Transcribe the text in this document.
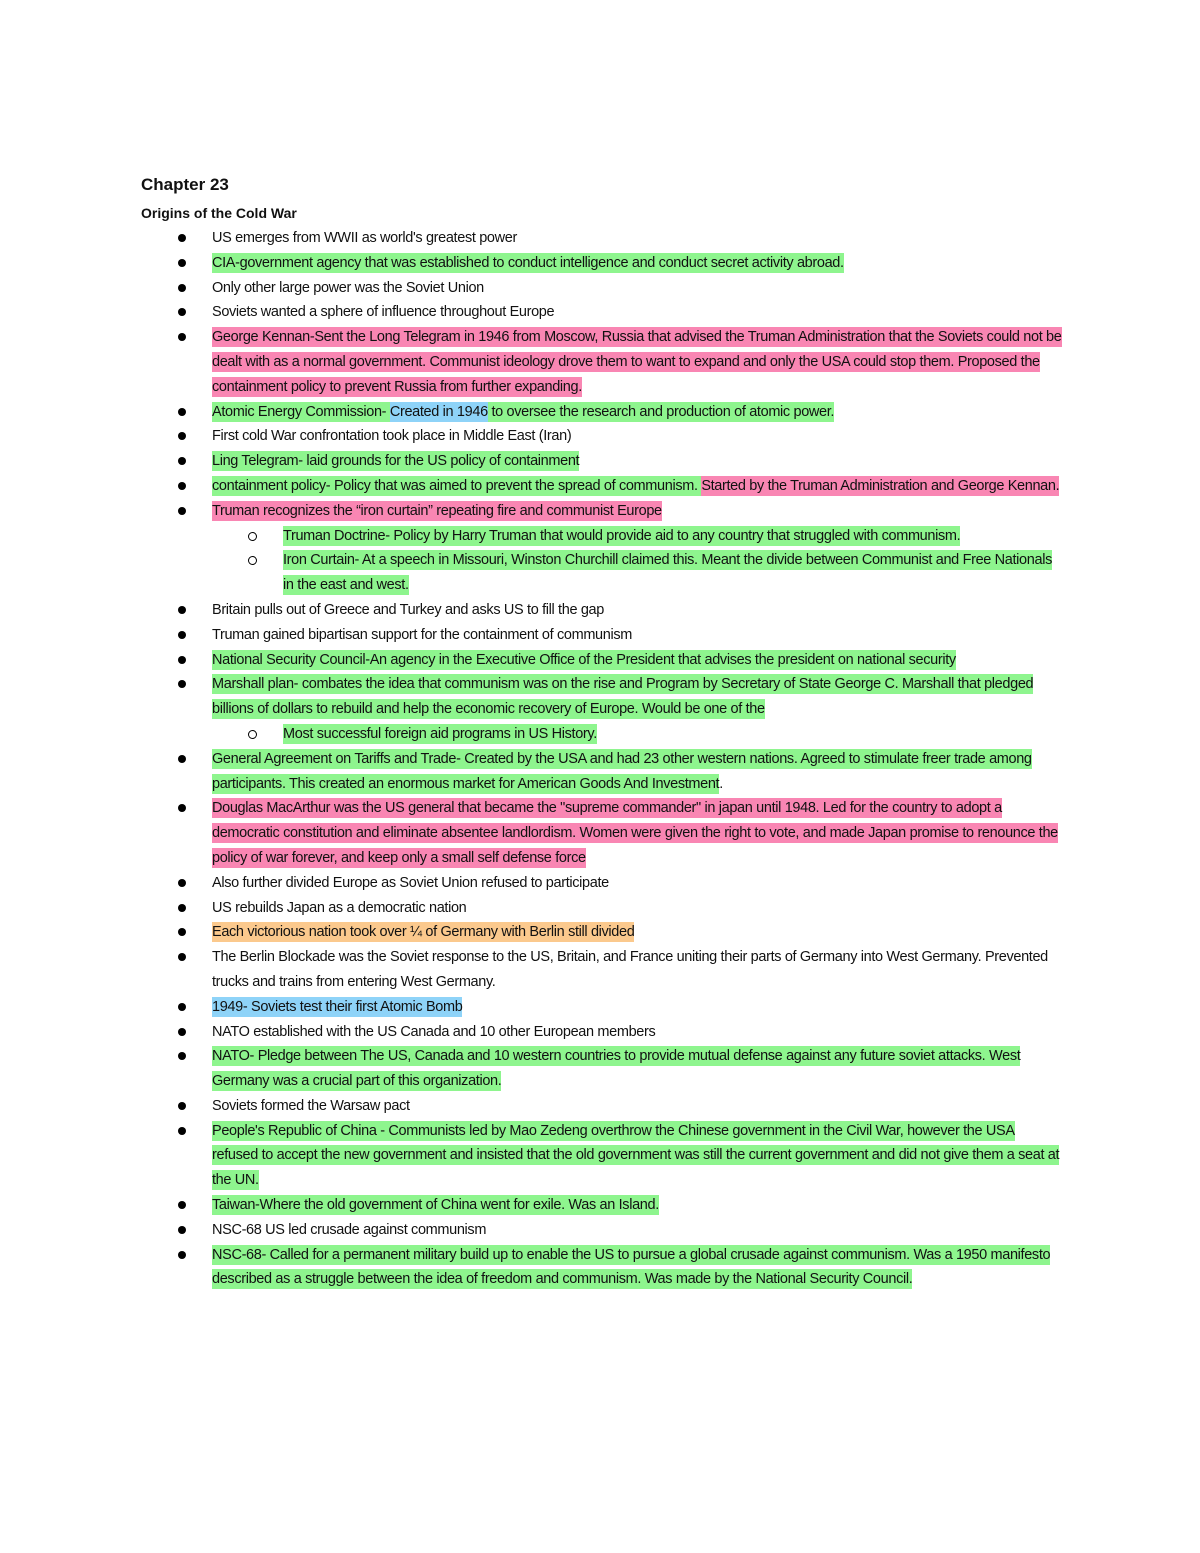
Chapter 23
Origins of the Cold War
US emerges from WWII as world's greatest power
CIA-government agency that was established to conduct intelligence and conduct secret activity abroad.
Only other large power was the Soviet Union
Soviets wanted a sphere of influence throughout Europe
George Kennan-Sent the Long Telegram in 1946 from Moscow, Russia that advised the Truman Administration that the Soviets could not be dealt with as a normal government. Communist ideology drove them to want to expand and only the USA could stop them. Proposed the containment policy to prevent Russia from further expanding.
Atomic Energy Commission- Created in 1946 to oversee the research and production of atomic power.
First cold War confrontation took place in Middle East (Iran)
Ling Telegram- laid grounds for the US policy of containment
containment policy- Policy that was aimed to prevent the spread of communism. Started by the Truman Administration and George Kennan.
Truman recognizes the “iron curtain” repeating fire and communist Europe
Truman Doctrine- Policy by Harry Truman that would provide aid to any country that struggled with communism.
Iron Curtain- At a speech in Missouri, Winston Churchill claimed this. Meant the divide between Communist and Free Nationals in the east and west.
Britain pulls out of Greece and Turkey and asks US to fill the gap
Truman gained bipartisan support for the containment of communism
National Security Council-An agency in the Executive Office of the President that advises the president on national security
Marshall plan- combates the idea that communism was on the rise and Program by Secretary of State George C. Marshall that pledged billions of dollars to rebuild and help the economic recovery of Europe. Would be one of the
Most successful foreign aid programs in US History.
General Agreement on Tariffs and Trade- Created by the USA and had 23 other western nations. Agreed to stimulate freer trade among participants. This created an enormous market for American Goods And Investment.
Douglas MacArthur was the US general that became the "supreme commander" in japan until 1948. Led for the country to adopt a democratic constitution and eliminate absentee landlordism. Women were given the right to vote, and made Japan promise to renounce the policy of war forever, and keep only a small self defense force
Also further divided Europe as Soviet Union refused to participate
US rebuilds Japan as a democratic nation
Each victorious nation took over ¼ of Germany with Berlin still divided
The Berlin Blockade was the Soviet response to the US, Britain, and France uniting their parts of Germany into West Germany. Prevented trucks and trains from entering West Germany.
1949- Soviets test their first Atomic Bomb
NATO established with the US Canada and 10 other European members
NATO- Pledge between The US, Canada and 10 western countries to provide mutual defense against any future soviet attacks. West Germany was a crucial part of this organization.
Soviets formed the Warsaw pact
People's Republic of China - Communists led by Mao Zedeng overthrow the Chinese government in the Civil War, however the USA refused to accept the new government and insisted that the old government was still the current government and did not give them a seat at the UN.
Taiwan-Where the old government of China went for exile. Was an Island.
NSC-68 US led crusade against communism
NSC-68- Called for a permanent military build up to enable the US to pursue a global crusade against communism. Was a 1950 manifesto described as a struggle between the idea of freedom and communism. Was made by the National Security Council.
